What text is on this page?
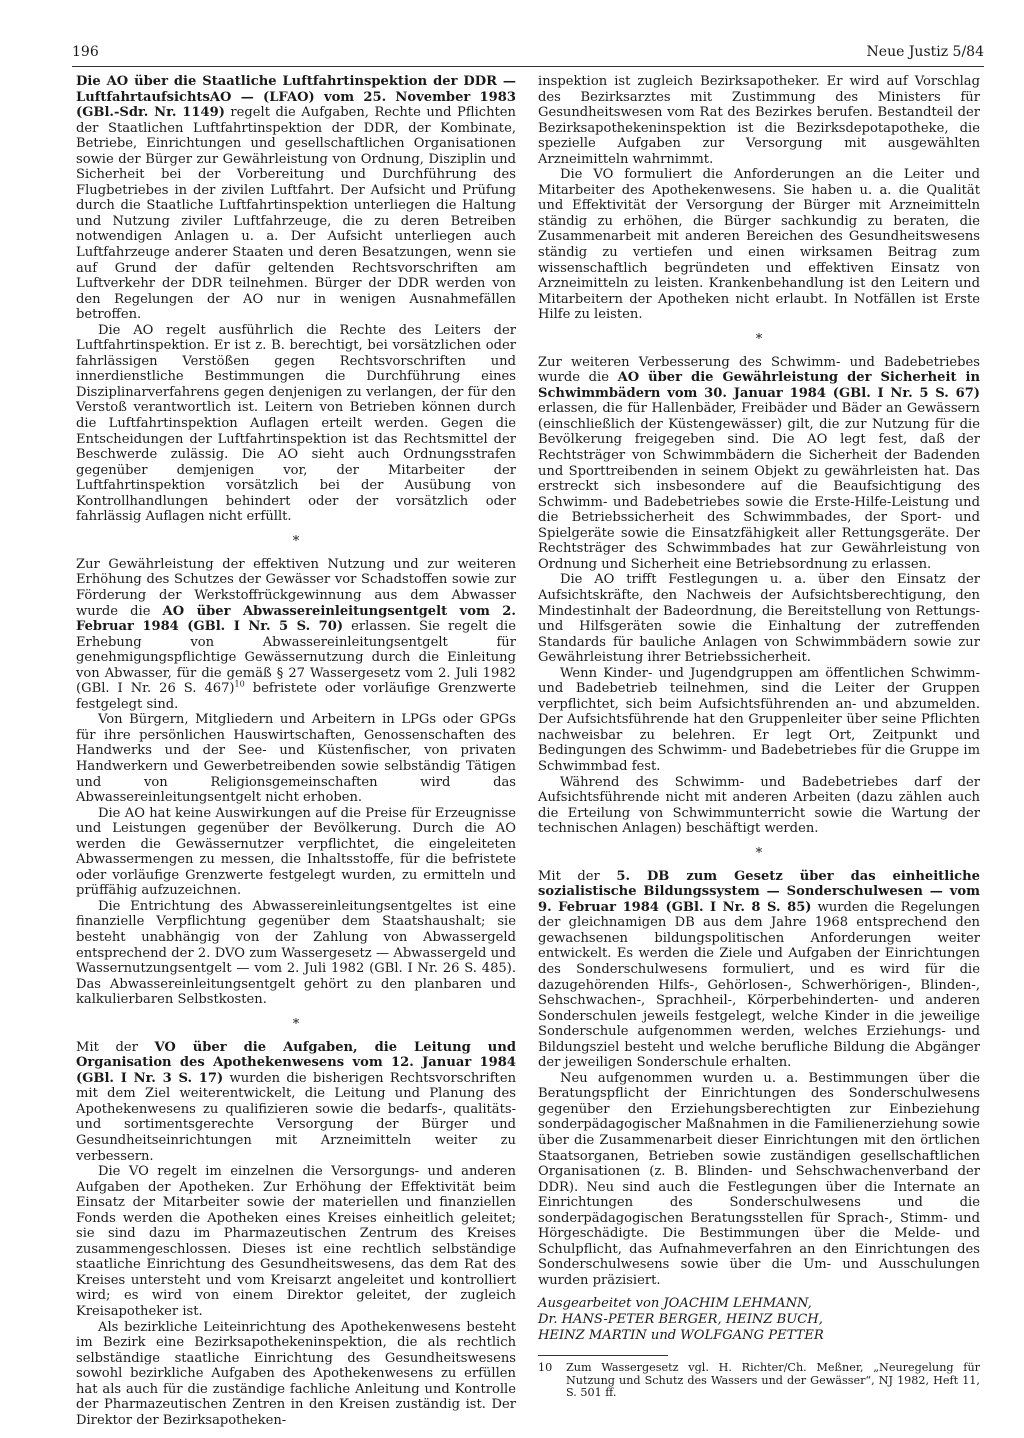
196	Neue Justiz 5/84

Die AO über die Staatliche Luftfahrtinspektion der DDR — LuftfahrtaufsichtsAO — (LFAO) vom 25. November 1983 (GBl.-Sdr. Nr. 1149) regelt die Aufgaben, Rechte und Pflichten der Staatlichen Luftfahrtinspektion der DDR, der Kombinate, Betriebe, Einrichtungen und gesellschaftlichen Organisationen sowie der Bürger zur Gewährleistung von Ordnung, Disziplin und Sicherheit bei der Vorbereitung und Durchführung des Flugbetriebes in der zivilen Luftfahrt. Der Aufsicht und Prüfung durch die Staatliche Luftfahrtinspektion unterliegen die Haltung und Nutzung ziviler Luftfahrzeuge, die zu deren Betreiben notwendigen Anlagen u. a. Der Aufsicht unterliegen auch Luftfahrzeuge anderer Staaten und deren Besatzungen, wenn sie auf Grund der dafür geltenden Rechtsvorschriften am Luftverkehr der DDR teilnehmen. Bürger der DDR werden von den Regelungen der AO nur in wenigen Ausnahmefällen betroffen.

Die AO regelt ausführlich die Rechte des Leiters der Luftfahrtinspektion. Er ist z. B. berechtigt, bei vorsätzlichen oder fahrlässigen Verstößen gegen Rechtsvorschriften und innerdienstliche Bestimmungen die Durchführung eines Disziplinarverfahrens gegen denjenigen zu verlangen, der für den Verstoß verantwortlich ist. Leitern von Betrieben können durch die Luftfahrtinspektion Auflagen erteilt werden. Gegen die Entscheidungen der Luftfahrtinspektion ist das Rechtsmittel der Beschwerde zulässig. Die AO sieht auch Ordnungsstrafen gegenüber demjenigen vor, der Mitarbeiter der Luftfahrtinspektion vorsätzlich bei der Ausübung von Kontrollhandlungen behindert oder der vorsätzlich oder fahrlässig Auflagen nicht erfüllt.

*

Zur Gewährleistung der effektiven Nutzung und zur weiteren Erhöhung des Schutzes der Gewässer vor Schadstoffen sowie zur Förderung der Werkstoffrückgewinnung aus dem Abwasser wurde die AO über Abwassereinleitungsentgelt vom 2. Februar 1984 (GBl. I Nr. 5 S. 70) erlassen. Sie regelt die Erhebung von Abwassereinleitungsentgelt für genehmigungspflichtige Gewässernutzung durch die Einleitung von Abwasser, für die gemäß § 27 Wassergesetz vom 2. Juli 1982 (GBl. I Nr. 26 S. 467)$^{10}$ befristete oder vorläufige Grenzwerte festgelegt sind.

Von Bürgern, Mitgliedern und Arbeitern in LPGs oder GPGs für ihre persönlichen Hauswirtschaften, Genossenschaften des Handwerks und der See- und Küstenfischer, von privaten Handwerkern und Gewerbetreibenden sowie selbständig Tätigen und von Religionsgemeinschaften wird das Abwassereinleitungsentgelt nicht erhoben.

Die AO hat keine Auswirkungen auf die Preise für Erzeugnisse und Leistungen gegenüber der Bevölkerung. Durch die AO werden die Gewässernutzer verpflichtet, die eingeleiteten Abwassermengen zu messen, die Inhaltsstoffe, für die befristete oder vorläufige Grenzwerte festgelegt wurden, zu ermitteln und prüffähig aufzuzeichnen.

Die Entrichtung des Abwassereinleitungsentgeltes ist eine finanzielle Verpflichtung gegenüber dem Staatshaushalt; sie besteht unabhängig von der Zahlung von Abwassergeld entsprechend der 2. DVO zum Wassergesetz — Abwassergeld und Wassernutzungsentgelt — vom 2. Juli 1982 (GBl. I Nr. 26 S. 485). Das Abwassereinleitungsentgelt gehört zu den planbaren und kalkulierbaren Selbstkosten.

*

Mit der VO über die Aufgaben, die Leitung und Organisation des Apothekenwesens vom 12. Januar 1984 (GBl. I Nr. 3 S. 17) wurden die bisherigen Rechtsvorschriften mit dem Ziel weiterentwickelt, die Leitung und Planung des Apothekenwesens zu qualifizieren sowie die bedarfs-, qualitäts- und sortimentsgerechte Versorgung der Bürger und Gesundheitseinrichtungen mit Arzneimitteln weiter zu verbessern.

Die VO regelt im einzelnen die Versorgungs- und anderen Aufgaben der Apotheken. Zur Erhöhung der Effektivität beim Einsatz der Mitarbeiter sowie der materiellen und finanziellen Fonds werden die Apotheken eines Kreises einheitlich geleitet; sie sind dazu im Pharmazeutischen Zentrum des Kreises zusammengeschlossen. Dieses ist eine rechtlich selbständige staatliche Einrichtung des Gesundheitswesens, das dem Rat des Kreises untersteht und vom Kreisarzt angeleitet und kontrolliert wird; es wird von einem Direktor geleitet, der zugleich Kreisapotheker ist.

Als bezirkliche Leiteinrichtung des Apothekenwesens besteht im Bezirk eine Bezirksapothekeninspektion, die als rechtlich selbständige staatliche Einrichtung des Gesundheitswesens sowohl bezirkliche Aufgaben des Apothekenwesens zu erfüllen hat als auch für die zuständige fachliche Anleitung und Kontrolle der Pharmazeutischen Zentren in den Kreisen zuständig ist. Der Direktor der Bezirksapotheken-

inspektion ist zugleich Bezirksapotheker. Er wird auf Vorschlag des Bezirksarztes mit Zustimmung des Ministers für Gesundheitswesen vom Rat des Bezirkes berufen. Bestandteil der Bezirksapothekeninspektion ist die Bezirksdepotapotheke, die spezielle Aufgaben zur Versorgung mit ausgewählten Arzneimitteln wahrnimmt.

Die VO formuliert die Anforderungen an die Leiter und Mitarbeiter des Apothekenwesens. Sie haben u. a. die Qualität und Effektivität der Versorgung der Bürger mit Arzneimitteln ständig zu erhöhen, die Bürger sachkundig zu beraten, die Zusammenarbeit mit anderen Bereichen des Gesundheitswesens ständig zu vertiefen und einen wirksamen Beitrag zum wissenschaftlich begründeten und effektiven Einsatz von Arzneimitteln zu leisten. Krankenbehandlung ist den Leitern und Mitarbeitern der Apotheken nicht erlaubt. In Notfällen ist Erste Hilfe zu leisten.

*

Zur weiteren Verbesserung des Schwimm- und Badebetriebes wurde die AO über die Gewährleistung der Sicherheit in Schwimmbädern vom 30. Januar 1984 (GBl. I Nr. 5 S. 67) erlassen, die für Hallenbäder, Freibäder und Bäder an Gewässern (einschließlich der Küstengewässer) gilt, die zur Nutzung für die Bevölkerung freigegeben sind. Die AO legt fest, daß der Rechtsträger von Schwimmbädern die Sicherheit der Badenden und Sporttreibenden in seinem Objekt zu gewährleisten hat. Das erstreckt sich insbesondere auf die Beaufsichtigung des Schwimm- und Badebetriebes sowie die Erste-Hilfe-Leistung und die Betriebssicherheit des Schwimmbades, der Sport- und Spielgeräte sowie die Einsatzfähigkeit aller Rettungsgeräte. Der Rechtsträger des Schwimmbades hat zur Gewährleistung von Ordnung und Sicherheit eine Betriebsordnung zu erlassen.

Die AO trifft Festlegungen u. a. über den Einsatz der Aufsichtskräfte, den Nachweis der Aufsichtsberechtigung, den Mindestinhalt der Badeordnung, die Bereitstellung von Rettungs- und Hilfsgeräten sowie die Einhaltung der zutreffenden Standards für bauliche Anlagen von Schwimmbädern sowie zur Gewährleistung ihrer Betriebssicherheit.

Wenn Kinder- und Jugendgruppen am öffentlichen Schwimm- und Badebetrieb teilnehmen, sind die Leiter der Gruppen verpflichtet, sich beim Aufsichtsführenden an- und abzumelden. Der Aufsichtsführende hat den Gruppenleiter über seine Pflichten nachweisbar zu belehren. Er legt Ort, Zeitpunkt und Bedingungen des Schwimm- und Badebetriebes für die Gruppe im Schwimmbad fest.

Während des Schwimm- und Badebetriebes darf der Aufsichtsführende nicht mit anderen Arbeiten (dazu zählen auch die Erteilung von Schwimmunterricht sowie die Wartung der technischen Anlagen) beschäftigt werden.

*

Mit der 5. DB zum Gesetz über das einheitliche sozialistische Bildungssystem — Sonderschulwesen — vom 9. Februar 1984 (GBl. I Nr. 8 S. 85) wurden die Regelungen der gleichnamigen DB aus dem Jahre 1968 entsprechend den gewachsenen bildungspolitischen Anforderungen weiter entwickelt. Es werden die Ziele und Aufgaben der Einrichtungen des Sonderschulwesens formuliert, und es wird für die dazugehörenden Hilfs-, Gehörlosen-, Schwerhörigen-, Blinden-, Sehschwachen-, Sprachheil-, Körperbehinderten- und anderen Sonderschulen jeweils festgelegt, welche Kinder in die jeweilige Sonderschule aufgenommen werden, welches Erziehungs- und Bildungsziel besteht und welche berufliche Bildung die Abgänger der jeweiligen Sonderschule erhalten.

Neu aufgenommen wurden u. a. Bestimmungen über die Beratungspflicht der Einrichtungen des Sonderschulwesens gegenüber den Erziehungsberechtigten zur Einbeziehung sonderpädagogischer Maßnahmen in die Familienerziehung sowie über die Zusammenarbeit dieser Einrichtungen mit den örtlichen Staatsorganen, Betrieben sowie zuständigen gesellschaftlichen Organisationen (z. B. Blinden- und Sehschwachenverband der DDR). Neu sind auch die Festlegungen über die Internate an Einrichtungen des Sonderschulwesens und die sonderpädagogischen Beratungsstellen für Sprach-, Stimm- und Hörgeschädigte. Die Bestimmungen über die Melde- und Schulpflicht, das Aufnahmeverfahren an den Einrichtungen des Sonderschulwesens sowie über die Um- und Ausschulungen wurden präzisiert.

Ausgearbeitet von JOACHIM LEHMANN,
Dr. HANS-PETER BERGER, HEINZ BUCH,
HEINZ MARTIN und WOLFGANG PETTER

10	Zum Wassergesetz vgl. H. Richter/Ch. Meßner, „Neuregelung für Nutzung und Schutz des Wassers und der Gewässer“, NJ 1982, Heft 11, S. 501 ff.
